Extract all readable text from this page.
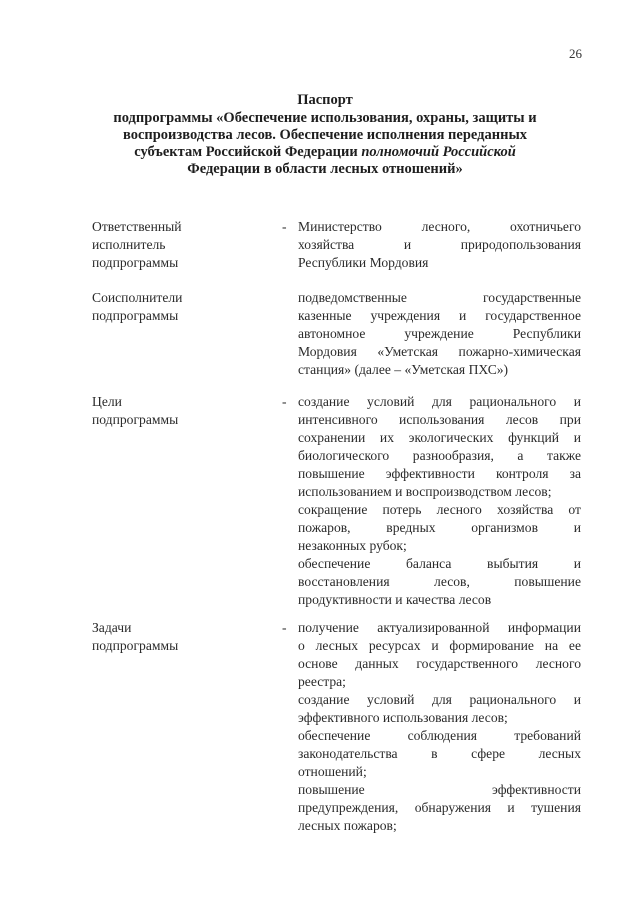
26
Паспорт
подпрограммы «Обеспечение использования, охраны, защиты и
воспроизводства лесов. Обеспечение исполнения переданных
субъектам Российской Федерации полномочий Российской
Федерации в области лесных отношений»
Ответственный
исполнитель
подпрограммы
- Министерство лесного, охотничьего
хозяйства и природопользования
Республики Мордовия
Соисполнители
подпрограммы
подведомственные государственные
казенные учреждения и государственное
автономное учреждение Республики
Мордовия «Уметская пожарно-химическая
станция» (далее – «Уметская ПХС»)
Цели
подпрограммы
- создание условий для рационального и
интенсивного использования лесов при
сохранении их экологических функций и
биологического разнообразия, а также
повышение эффективности контроля за
использованием и воспроизводством лесов;
сокращение потерь лесного хозяйства от
пожаров, вредных организмов и
незаконных рубок;
обеспечение баланса выбытия и
восстановления лесов, повышение
продуктивности и качества лесов
Задачи
подпрограммы
- получение актуализированной информации
о лесных ресурсах и формирование на ее
основе данных государственного лесного
реестра;
создание условий для рационального и
эффективного использования лесов;
обеспечение соблюдения требований
законодательства в сфере лесных
отношений;
повышение эффективности
предупреждения, обнаружения и тушения
лесных пожаров;
